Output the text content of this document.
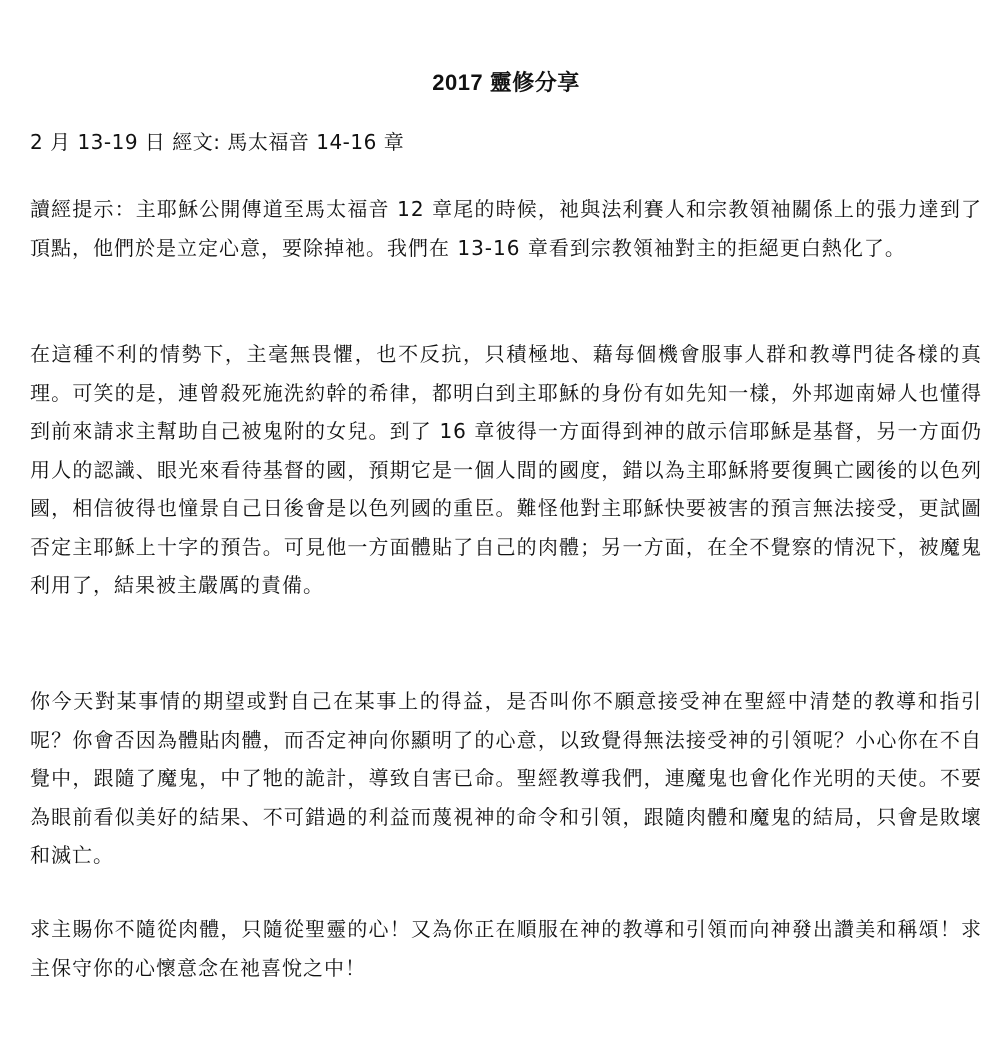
2017 靈修分享
2 月 13-19 日 經文: 馬太福音 14-16 章

讀經提示：主耶穌公開傳道至馬太福音 12 章尾的時候，祂與法利賽人和宗教領袖關係上的張力達到了頂點，他們於是立定心意，要除掉祂。我們在 13-16 章看到宗教領袖對主的拒絕更白熱化了。

在這種不利的情勢下，主毫無畏懼，也不反抗，只積極地、藉每個機會服事人群和教導門徒各樣的真理。可笑的是，連曾殺死施洗約幹的希律，都明白到主耶穌的身份有如先知一樣，外邦迦南婦人也懂得到前來請求主幫助自己被鬼附的女兒。到了 16 章彼得一方面得到神的啟示信耶穌是基督，另一方面仍用人的認識、眼光來看待基督的國，預期它是一個人間的國度，錯以為主耶穌將要復興亡國後的以色列國，相信彼得也憧景自己日後會是以色列國的重臣。難怪他對主耶穌快要被害的預言無法接受，更試圖否定主耶穌上十字的預告。可見他一方面體貼了自己的肉體；另一方面，在全不覺察的情況下，被魔鬼利用了，結果被主嚴厲的責備。

你今天對某事情的期望或對自己在某事上的得益，是否叫你不願意接受神在聖經中清楚的教導和指引呢？你會否因為體貼肉體，而否定神向你顯明了的心意，以致覺得無法接受神的引領呢？小心你在不自覺中，跟隨了魔鬼，中了牠的詭計，導致自害已命。聖經教導我們，連魔鬼也會化作光明的天使。不要為眼前看似美好的結果、不可錯過的利益而蔑視神的命令和引領，跟隨肉體和魔鬼的結局，只會是敗壞和滅亡。

求主賜你不隨從肉體，只隨從聖靈的心！又為你正在順服在神的教導和引領而向神發出讚美和稱頌！求主保守你的心懷意念在祂喜悅之中！
